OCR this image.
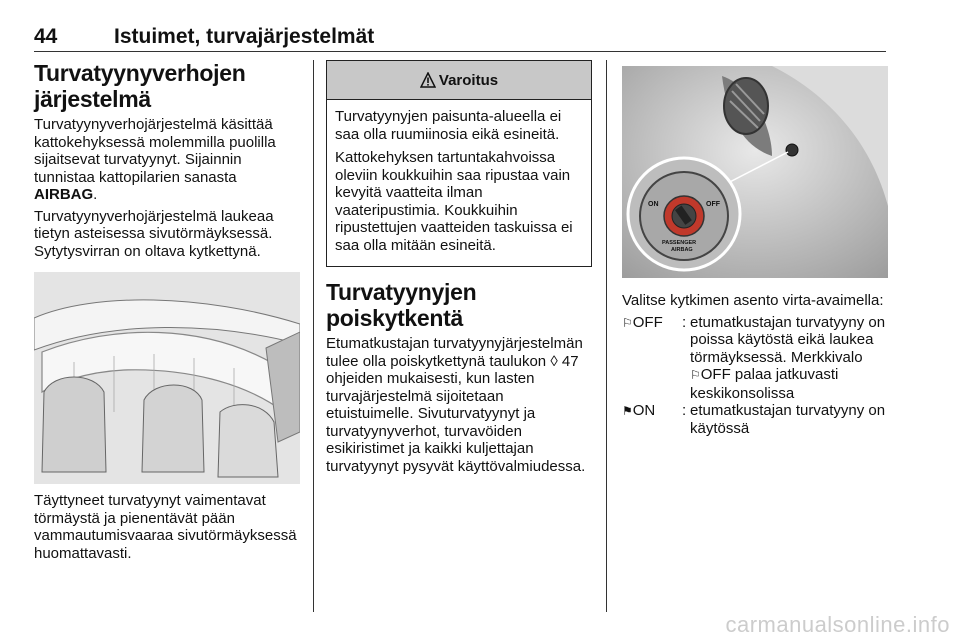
44	Istuimet, turvajärjestelmät
Turvatyynyverhojen järjestelmä

Turvatyynyverhojärjestelmä käsittää kattokehyksessä molemmilla puolilla sijaitsevat turvatyynyt. Sijainnin tunnistaa kattopilarien sanasta AIRBAG.

Turvatyynyverhojärjestelmä laukeaa tietyn asteisessa sivutörmäyksessä. Sytytysvirran on oltava kytkettynä.

Täyttyneet turvatyynyt vaimentavat törmäystä ja pienentävät pään vammautumisvaaraa sivutörmäyksessä huomattavasti.

Varoitus

Turvatyynyjen paisunta-alueella ei saa olla ruumiinosia eikä esineitä.

Kattokehyksen tartuntakahvoissa oleviin koukkuihin saa ripustaa vain kevyitä vaatteita ilman vaateripustimia. Koukkuihin ripustettujen vaatteiden taskuissa ei saa olla mitään esineitä.

Turvatyynyjen poiskytkentä

Etumatkustajan turvatyynyjärjestelmän tulee olla poiskytkettynä taulukon ◊ 47 ohjeiden mukaisesti, kun lasten turvajärjestelmä sijoitetaan etuistuimelle. Sivuturvatyynyt ja turvatyynyverhot, turvavöiden esikiristimet ja kaikki kuljettajan turvatyynyt pysyvät käyttövalmiudessa.

ON	OFF
PASSENGER
AIRBAG

Valitse kytkimen asento virta-avaimella:

⚐OFF	: etumatkustajan turvatyyny on poissa käytöstä eikä laukea törmäyksessä. Merkkivalo ⚐OFF palaa jatkuvasti keskikonsolissa
⚑ON	: etumatkustajan turvatyyny on käytössä
carmanualsonline.info
